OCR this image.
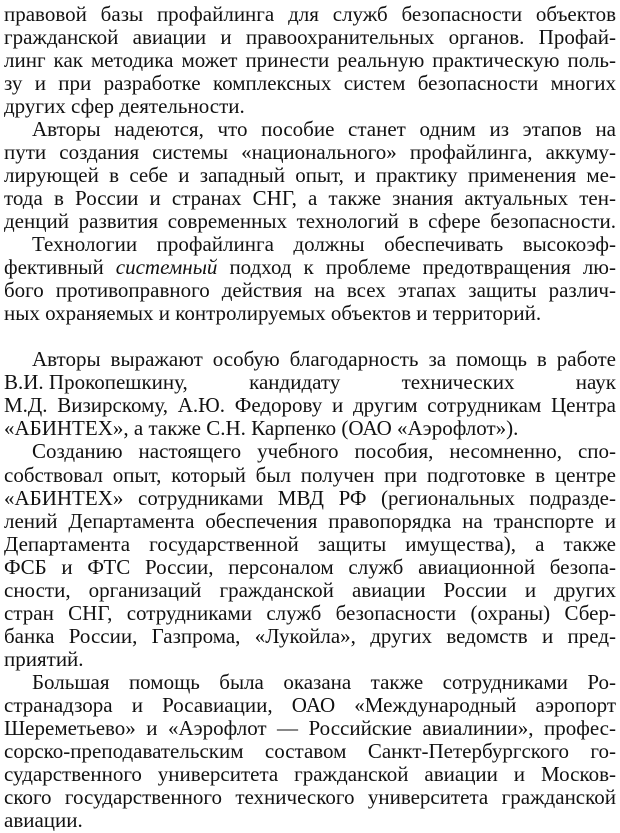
правовой базы профайлинга для служб безопасности объектов
гражданской авиации и правоохранительных органов. Профай-
линг как методика может принести реальную практическую поль-
зу и при разработке комплексных систем безопасности многих
других сфер деятельности.
Авторы надеются, что пособие станет одним из этапов на
пути создания системы «национального» профайлинга, аккуму-
лирующей в себе и западный опыт, и практику применения ме-
тода в России и странах СНГ, а также знания актуальных тен-
денций развития современных технологий в сфере безопасности.
Технологии профайлинга должны обеспечивать высокоэф-
фективный системный подход к проблеме предотвращения лю-
бого противоправного действия на всех этапах защиты различ-
ных охраняемых и контролируемых объектов и территорий.
Авторы выражают особую благодарность за помощь в работе
В.И. Прокопешкину,	кандидату	технических	наук
М.Д. Визирскому, А.Ю. Федорову и другим сотрудникам Центра
«АБИНТЕХ», а также С.Н. Карпенко (ОАО «Аэрофлот»).
Созданию настоящего учебного пособия, несомненно, спо-
собствовал опыт, который был получен при подготовке в центре
«АБИНТЕХ» сотрудниками МВД РФ (региональных подразде-
лений Департамента обеспечения правопорядка на транспорте и
Департамента государственной защиты имущества), а также
ФСБ и ФТС России, персоналом служб авиационной безопа-
сности, организаций гражданской авиации России и других
стран СНГ, сотрудниками служб безопасности (охраны) Сбер-
банка России, Газпрома, «Лукойла», других ведомств и пред-
приятий.
Большая помощь была оказана также сотрудниками Ро-
странадзора и Росавиации, ОАО «Международный аэропорт
Шереметьево» и «Аэрофлот — Российские авиалинии», профес-
сорско-преподавательским составом Санкт-Петербургского го-
сударственного университета гражданской авиации и Москов-
ского государственного технического университета гражданской
авиации.
